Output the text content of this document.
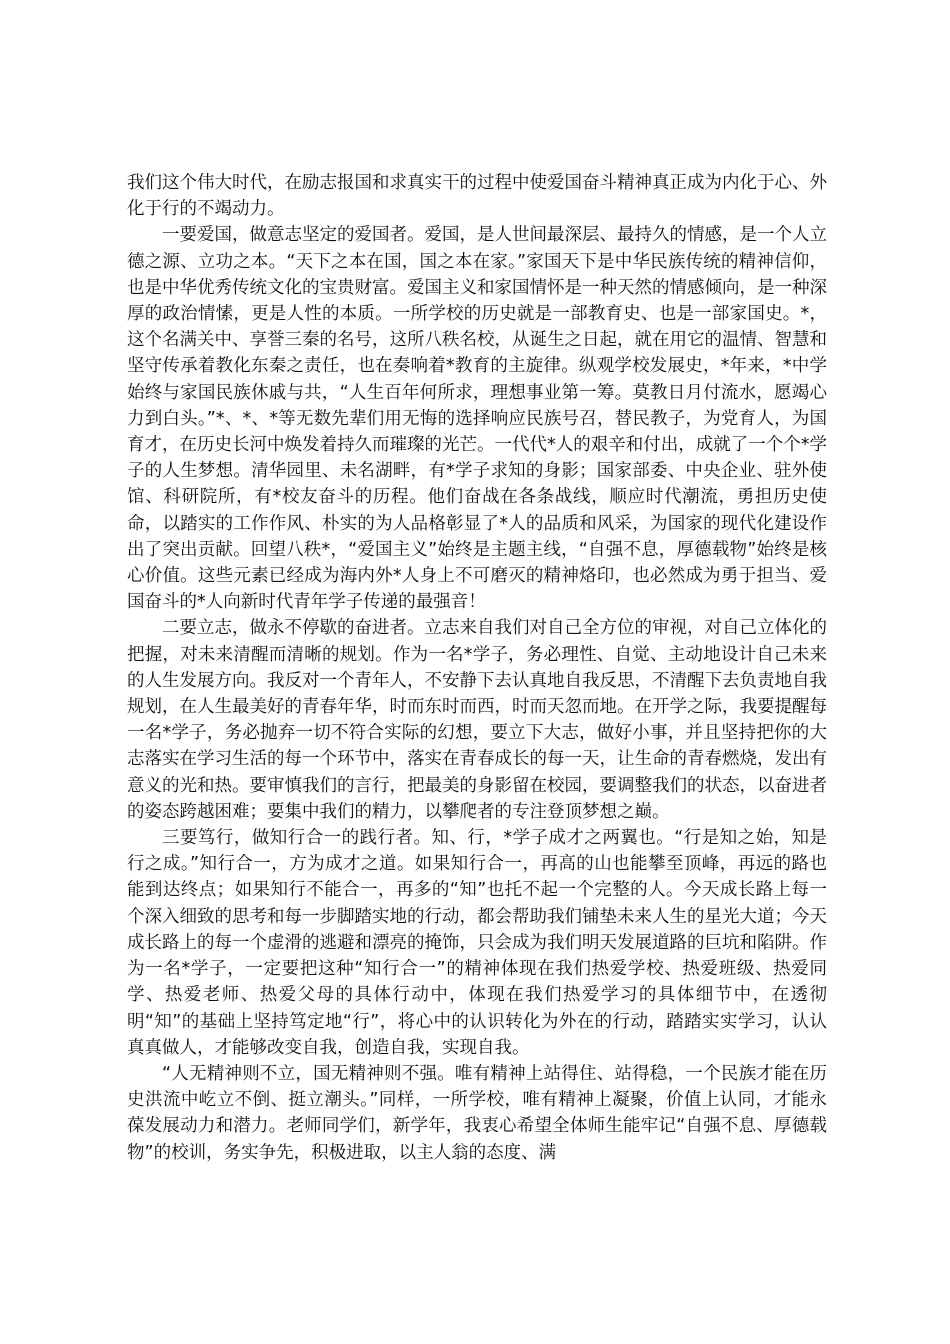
我们这个伟大时代，在励志报国和求真实干的过程中使爱国奋斗精神真正成为内化于心、外化于行的不竭动力。

一要爱国，做意志坚定的爱国者。爱国，是人世间最深层、最持久的情感，是一个人立德之源、立功之本。“天下之本在国，国之本在家。”家国天下是中华民族传统的精神信仰，也是中华优秀传统文化的宝贵财富。爱国主义和家国情怀是一种天然的情感倾向，是一种深厚的政治情愫，更是人性的本质。一所学校的历史就是一部教育史、也是一部家国史。*，这个名满关中、享誉三秦的名号，这所八秩名校，从诞生之日起，就在用它的温情、智慧和坚守传承着教化东秦之责任，也在奏响着*教育的主旋律。纵观学校发展史，*年来，*中学始终与家国民族休戚与共，“人生百年何所求，理想事业第一筹。莫教日月付流水，愿竭心力到白头。”*、*、*等无数先辈们用无悔的选择响应民族号召，替民教子，为党育人，为国育才，在历史长河中焕发着持久而璀璨的光芒。一代代*人的艰辛和付出，成就了一个个*学子的人生梦想。清华园里、未名湖畔，有*学子求知的身影；国家部委、中央企业、驻外使馆、科研院所，有*校友奋斗的历程。他们奋战在各条战线，顺应时代潮流，勇担历史使命，以踏实的工作作风、朴实的为人品格彰显了*人的品质和风采，为国家的现代化建设作出了突出贡献。回望八秩*，“爱国主义”始终是主题主线，“自强不息，厚德载物”始终是核心价值。这些元素已经成为海内外*人身上不可磨灭的精神烙印，也必然成为勇于担当、爱国奋斗的*人向新时代青年学子传递的最强音！

二要立志，做永不停歇的奋进者。立志来自我们对自己全方位的审视，对自己立体化的把握，对未来清醒而清晰的规划。作为一名*学子，务必理性、自觉、主动地设计自己未来的人生发展方向。我反对一个青年人，不安静下去认真地自我反思，不清醒下去负责地自我规划，在人生最美好的青春年华，时而东时而西，时而天忽而地。在开学之际，我要提醒每一名*学子，务必抛弃一切不符合实际的幻想，要立下大志，做好小事，并且坚持把你的大志落实在学习生活的每一个环节中，落实在青春成长的每一天，让生命的青春燃烧，发出有意义的光和热。要审慎我们的言行，把最美的身影留在校园，要调整我们的状态，以奋进者的姿态跨越困难；要集中我们的精力，以攀爬者的专注登顶梦想之巅。

三要笃行，做知行合一的践行者。知、行，*学子成才之两翼也。“行是知之始，知是行之成。”知行合一，方为成才之道。如果知行合一，再高的山也能攀至顶峰，再远的路也能到达终点；如果知行不能合一，再多的“知”也托不起一个完整的人。今天成长路上每一个深入细致的思考和每一步脚踏实地的行动，都会帮助我们铺垫未来人生的星光大道；今天成长路上的每一个虚滑的逃避和漂亮的掩饰，只会成为我们明天发展道路的巨坑和陷阱。作为一名*学子，一定要把这种“知行合一”的精神体现在我们热爱学校、热爱班级、热爱同学、热爱老师、热爱父母的具体行动中，体现在我们热爱学习的具体细节中，在透彻明“知”的基础上坚持笃定地“行”，将心中的认识转化为外在的行动，踏踏实实学习，认认真真做人，才能够改变自我，创造自我，实现自我。

“人无精神则不立，国无精神则不强。唯有精神上站得住、站得稳，一个民族才能在历史洪流中屹立不倒、挺立潮头。”同样，一所学校，唯有精神上凝聚，价值上认同，才能永葆发展动力和潜力。老师同学们，新学年，我衷心希望全体师生能牢记“自强不息、厚德载物”的校训，务实争先，积极进取，以主人翁的态度、满
